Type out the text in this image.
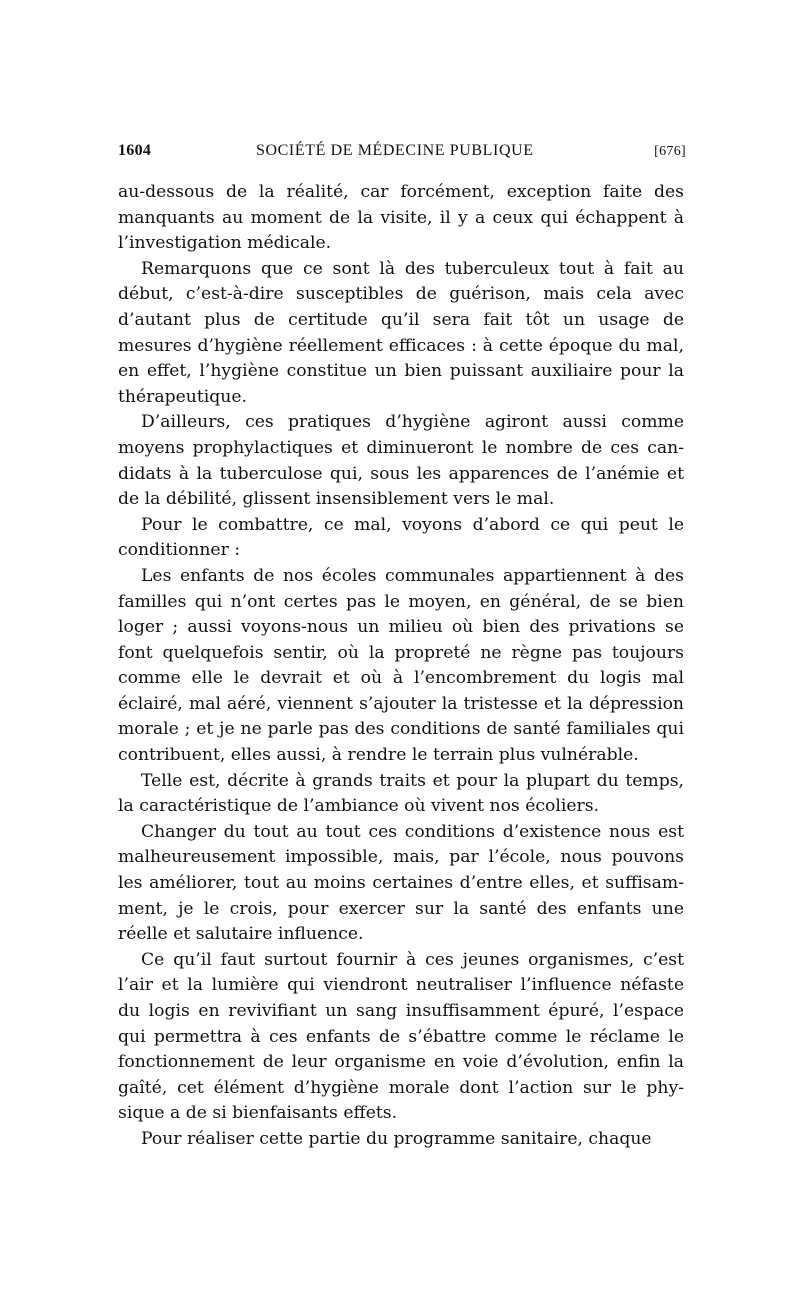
1604	SOCIÉTÉ DE MÉDECINE PUBLIQUE	[676]

au-dessous de la réalité, car forcément, exception faite des manquants au moment de la visite, il y a ceux qui échappent à l’investigation médicale.

Remarquons que ce sont là des tuberculeux tout à fait au début, c’est-à-dire susceptibles de guérison, mais cela avec d’autant plus de certitude qu’il sera fait tôt un usage de mesures d’hygiène réellement efficaces : à cette époque du mal, en effet, l’hygiène constitue un bien puissant auxiliaire pour la thérapeutique.

D’ailleurs, ces pratiques d’hygiène agiront aussi comme moyens prophylactiques et diminueront le nombre de ces candidats à la tuberculose qui, sous les apparences de l’anémie et de la débilité, glissent insensiblement vers le mal.

Pour le combattre, ce mal, voyons d’abord ce qui peut le conditionner :

Les enfants de nos écoles communales appartiennent à des familles qui n’ont certes pas le moyen, en général, de se bien loger ; aussi voyons-nous un milieu où bien des privations se font quelquefois sentir, où la propreté ne règne pas toujours comme elle le devrait et où à l’encombrement du logis mal éclairé, mal aéré, viennent s’ajouter la tristesse et la dépression morale ; et je ne parle pas des conditions de santé familiales qui contribuent, elles aussi, à rendre le terrain plus vulnérable.

Telle est, décrite à grands traits et pour la plupart du temps, la caractéristique de l’ambiance où vivent nos écoliers.

Changer du tout au tout ces conditions d’existence nous est malheureusement impossible, mais, par l’école, nous pouvons les améliorer, tout au moins certaines d’entre elles, et suffisamment, je le crois, pour exercer sur la santé des enfants une réelle et salutaire influence.

Ce qu’il faut surtout fournir à ces jeunes organismes, c’est l’air et la lumière qui viendront neutraliser l’influence néfaste du logis en revivifiant un sang insuffisamment épuré, l’espace qui permettra à ces enfants de s’ébattre comme le réclame le fonctionnement de leur organisme en voie d’évolution, enfin la gaîté, cet élément d’hygiène morale dont l’action sur le physique a de si bienfaisants effets.

Pour réaliser cette partie du programme sanitaire, chaque
